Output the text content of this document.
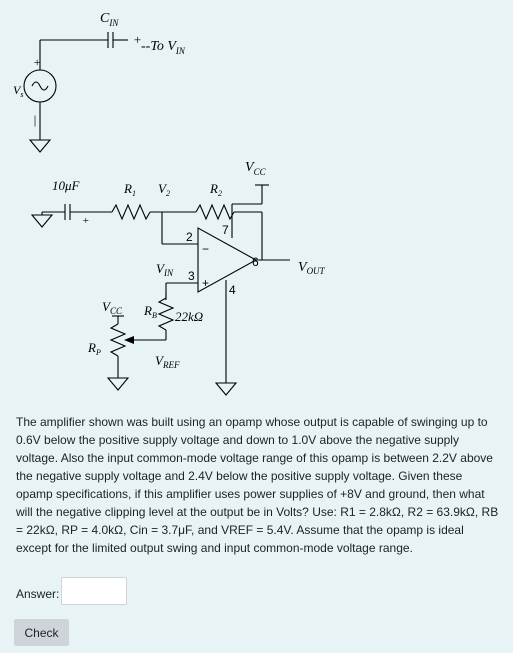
$C_{IN}$
−	+ --To $V_{IN}$
+
$V_s$
|
10μF
+
$R_1$ $V_2$	$R_2$
$V_{CC}$
2 7
−
+
3
4
6
$V_{IN}$	$V_{OUT}$
$V_{CC}$ $R_B$ 22kΩ
$R_P$
$V_{REF}$

The amplifier shown was built using an opamp whose output is capable of swinging up to 0.6V below the positive supply voltage and down to 1.0V above the negative supply voltage. Also the input common-mode voltage range of this opamp is between 2.2V above the negative supply voltage and 2.4V below the positive supply voltage. Given these opamp specifications, if this amplifier uses power supplies of +8V and ground, then what will the negative clipping level at the output be in Volts? Use: R1 = 2.8kΩ, R2 = 63.9kΩ, RB = 22kΩ, RP = 4.0kΩ, Cin = 3.7μF, and VREF = 5.4V. Assume that the opamp is ideal except for the limited output swing and input common-mode voltage range.

Answer:
Check
